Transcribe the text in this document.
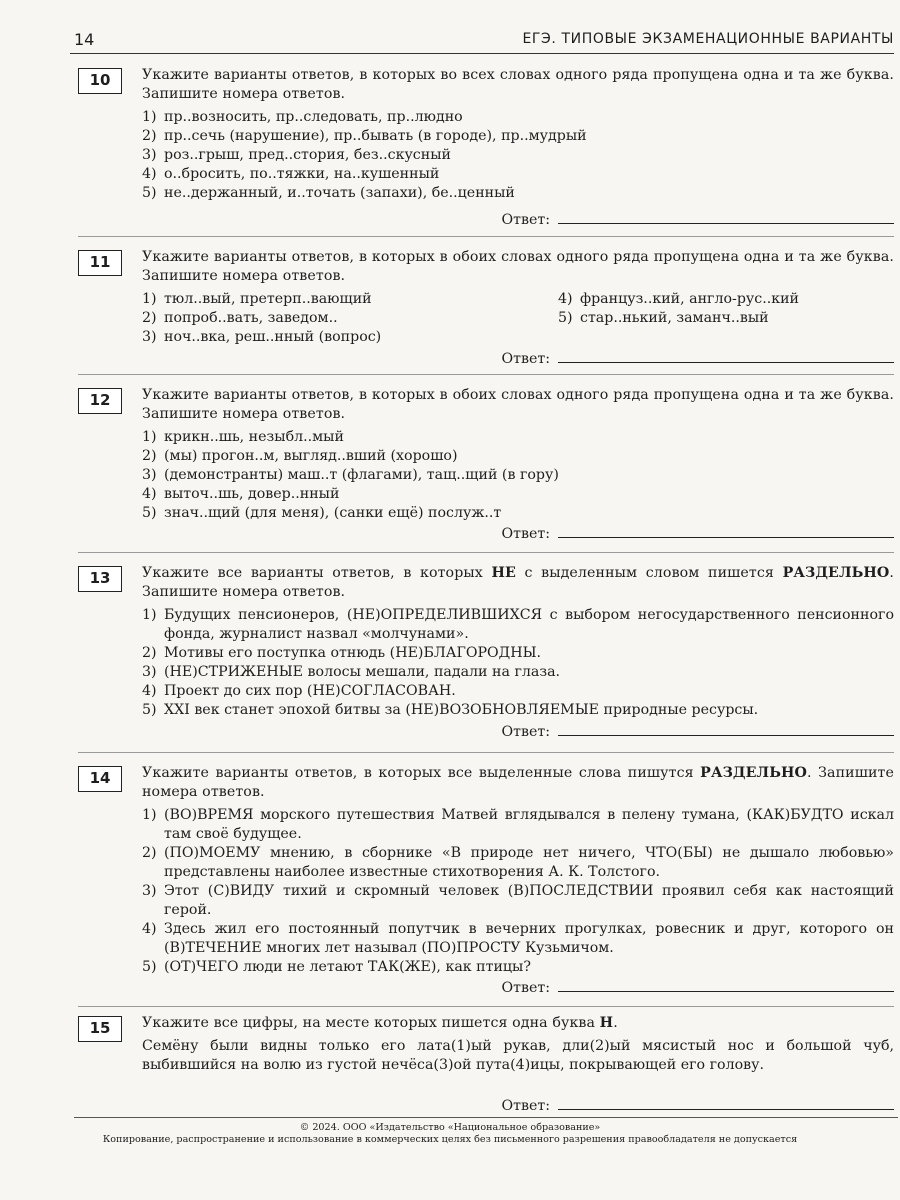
14	ЕГЭ. ТИПОВЫЕ ЭКЗАМЕНАЦИОННЫЕ ВАРИАНТЫ
10	Укажите варианты ответов, в которых во всех словах одного ряда пропущена одна и та же буква. Запишите номера ответов.
1) пр..возносить, пр..следовать, пр..людно
2) пр..сечь (нарушение), пр..бывать (в городе), пр..мудрый
3) роз..грыш, пред..стория, без..скусный
4) о..бросить, по..тяжки, на..кушенный
5) не..держанный, и..точать (запахи), бе..ценный
Ответ:
11	Укажите варианты ответов, в которых в обоих словах одного ряда пропущена одна и та же буква. Запишите номера ответов.
1) тюл..вый, претерп..вающий
2) попроб..вать, заведом..
3) ноч..вка, реш..нный (вопрос)
4) француз..кий, англо-рус..кий
5) стар..нький, заманч..вый
Ответ:
12	Укажите варианты ответов, в которых в обоих словах одного ряда пропущена одна и та же буква. Запишите номера ответов.
1) крикн..шь, незыбл..мый
2) (мы) прогон..м, выгляд..вший (хорошо)
3) (демонстранты) маш..т (флагами), тащ..щий (в гору)
4) выточ..шь, довер..нный
5) знач..щий (для меня), (санки ещё) послуж..т
Ответ:
13	Укажите все варианты ответов, в которых НЕ с выделенным словом пишется РАЗДЕЛЬНО. Запишите номера ответов.
1) Будущих пенсионеров, (НЕ)ОПРЕДЕЛИВШИХСЯ с выбором негосударственного пенсионного фонда, журналист назвал «молчунами».
2) Мотивы его поступка отнюдь (НЕ)БЛАГОРОДНЫ.
3) (НЕ)СТРИЖЕНЫЕ волосы мешали, падали на глаза.
4) Проект до сих пор (НЕ)СОГЛАСОВАН.
5) XXI век станет эпохой битвы за (НЕ)ВОЗОБНОВЛЯЕМЫЕ природные ресурсы.
Ответ:
14	Укажите варианты ответов, в которых все выделенные слова пишутся РАЗДЕЛЬНО. Запишите номера ответов.
1) (ВО)ВРЕМЯ морского путешествия Матвей вглядывался в пелену тумана, (КАК)БУДТО искал там своё будущее.
2) (ПО)МОЕМУ мнению, в сборнике «В природе нет ничего, ЧТО(БЫ) не дышало любовью» представлены наиболее известные стихотворения А. К. Толстого.
3) Этот (С)ВИДУ тихий и скромный человек (В)ПОСЛЕДСТВИИ проявил себя как настоящий герой.
4) Здесь жил его постоянный попутчик в вечерних прогулках, ровесник и друг, которого он (В)ТЕЧЕНИЕ многих лет называл (ПО)ПРОСТУ Кузьмичом.
5) (ОТ)ЧЕГО люди не летают ТАК(ЖЕ), как птицы?
Ответ:
15	Укажите все цифры, на месте которых пишется одна буква Н.
Семёну были видны только его лата(1)ый рукав, дли(2)ый мясистый нос и большой чуб, выбившийся на волю из густой нечёса(3)ой пута(4)ицы, покрывающей его голову.
Ответ:
© 2024. ООО «Издательство «Национальное образование»
Копирование, распространение и использование в коммерческих целях без письменного разрешения правообладателя не допускается
